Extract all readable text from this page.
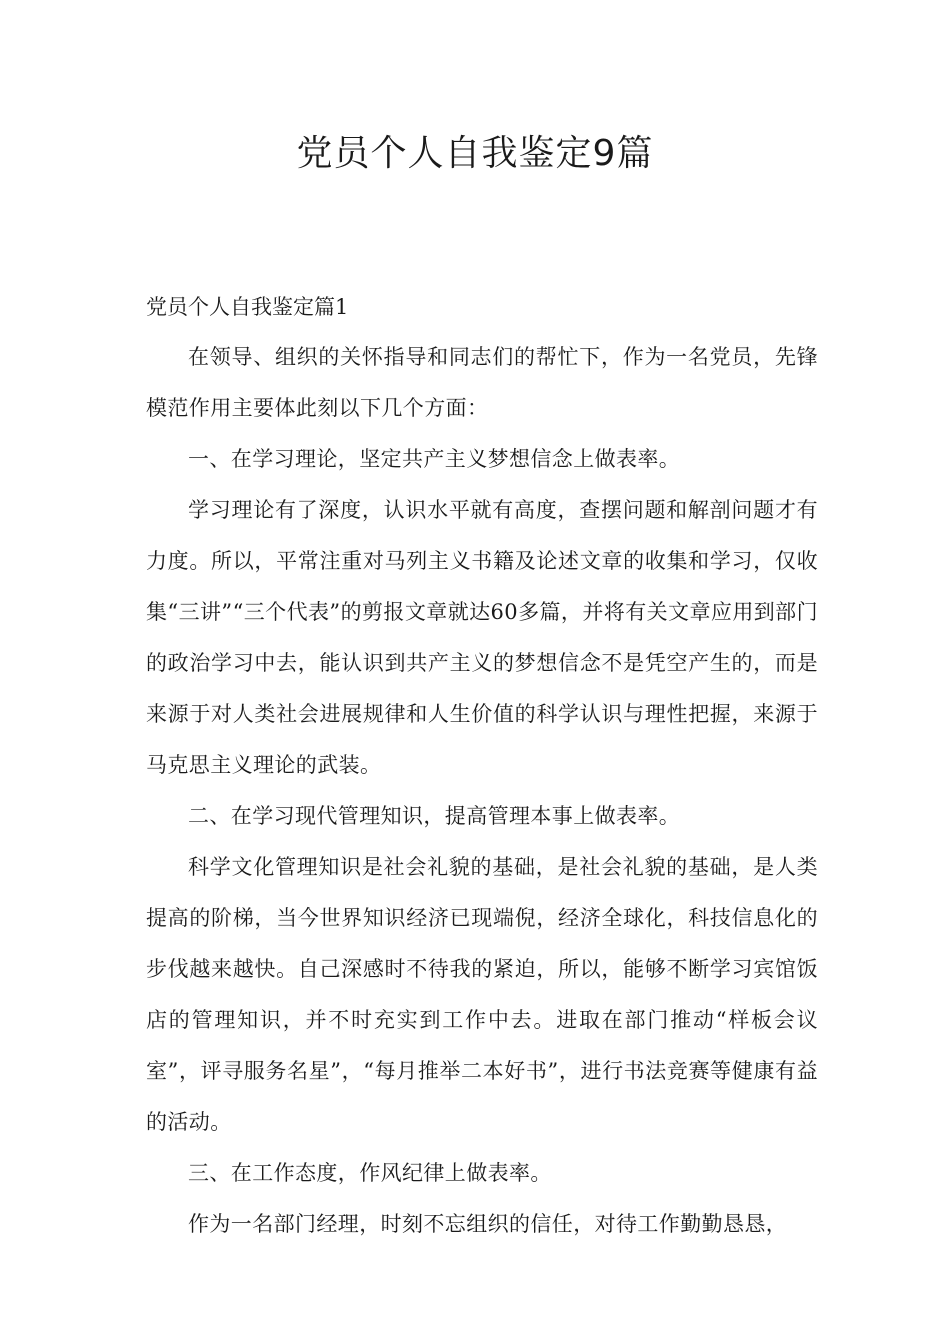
党员个人自我鉴定9篇

党员个人自我鉴定篇1

在领导、组织的关怀指导和同志们的帮忙下，作为一名党员，先锋模范作用主要体此刻以下几个方面：

一、在学习理论，坚定共产主义梦想信念上做表率。

学习理论有了深度，认识水平就有高度，查摆问题和解剖问题才有力度。所以，平常注重对马列主义书籍及论述文章的收集和学习，仅收集“三讲”“三个代表”的剪报文章就达60多篇，并将有关文章应用到部门的政治学习中去，能认识到共产主义的梦想信念不是凭空产生的，而是来源于对人类社会进展规律和人生价值的科学认识与理性把握，来源于马克思主义理论的武装。

二、在学习现代管理知识，提高管理本事上做表率。

科学文化管理知识是社会礼貌的基础，是社会礼貌的基础，是人类提高的阶梯，当今世界知识经济已现端倪，经济全球化，科技信息化的步伐越来越快。自己深感时不待我的紧迫，所以，能够不断学习宾馆饭店的管理知识，并不时充实到工作中去。进取在部门推动“样板会议室”，评寻服务名星”，“每月推举二本好书”，进行书法竞赛等健康有益的活动。

三、在工作态度，作风纪律上做表率。

作为一名部门经理，时刻不忘组织的信任，对待工作勤勤恳恳，
